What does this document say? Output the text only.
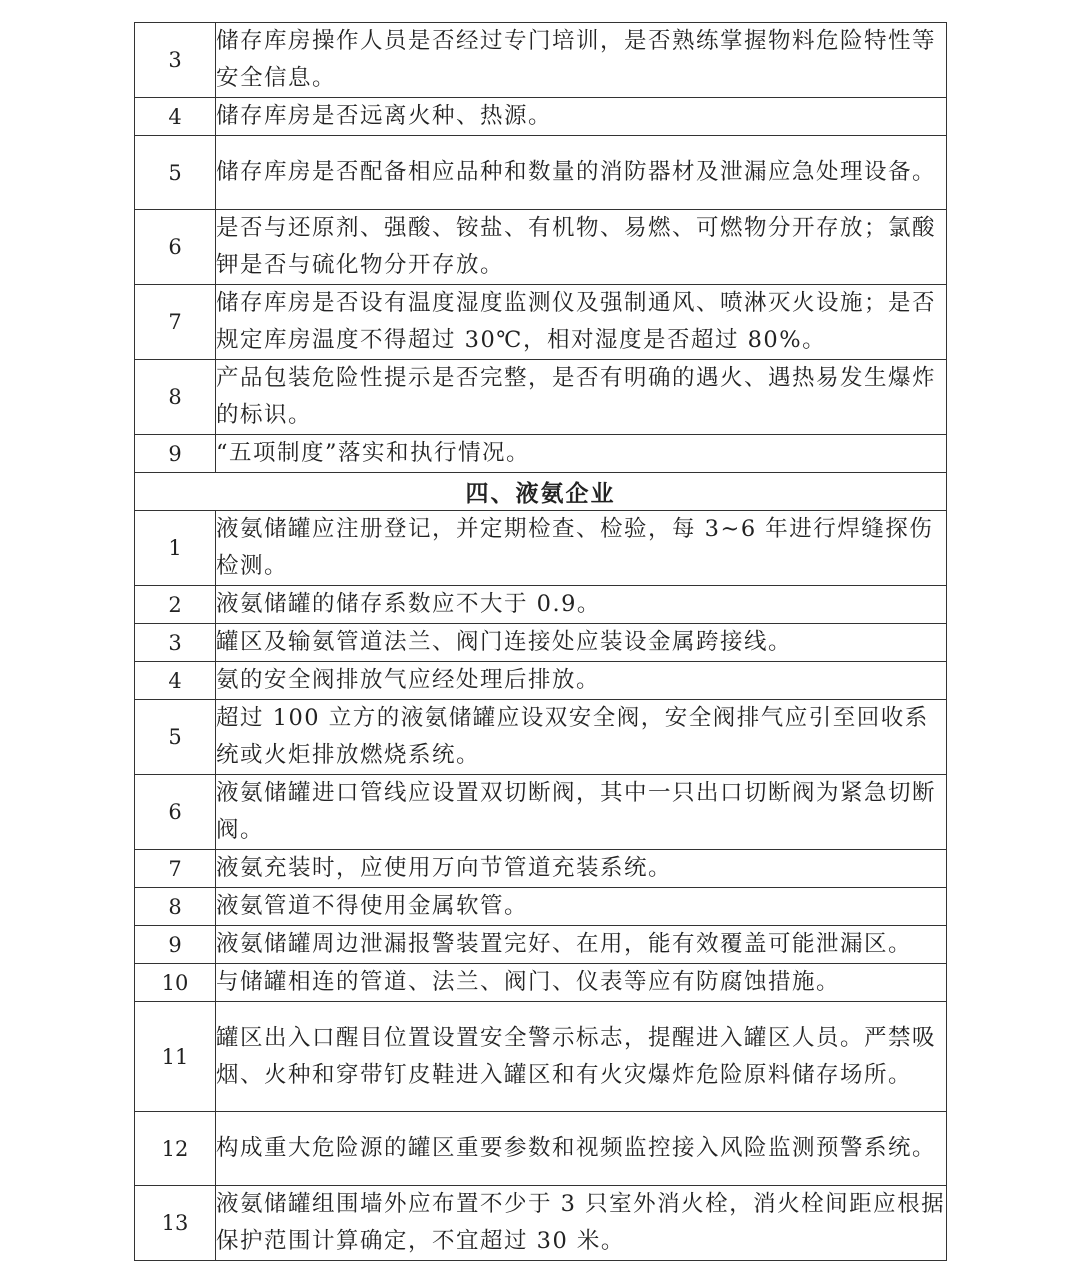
3	储存库房操作人员是否经过专门培训，是否熟练掌握物料危险特性等安全信息。
4	储存库房是否远离火种、热源。
5	储存库房是否配备相应品种和数量的消防器材及泄漏应急处理设备。
6	是否与还原剂、强酸、铵盐、有机物、易燃、可燃物分开存放；氯酸钾是否与硫化物分开存放。
7	储存库房是否设有温度湿度监测仪及强制通风、喷淋灭火设施；是否规定库房温度不得超过 30℃，相对湿度是否超过 80%。
8	产品包装危险性提示是否完整，是否有明确的遇火、遇热易发生爆炸的标识。
9	“五项制度”落实和执行情况。
四、液氨企业	
1	液氨储罐应注册登记，并定期检查、检验，每 3~6 年进行焊缝探伤检测。
2	液氨储罐的储存系数应不大于 0.9。
3	罐区及输氨管道法兰、阀门连接处应装设金属跨接线。
4	氨的安全阀排放气应经处理后排放。
5	超过 100 立方的液氨储罐应设双安全阀，安全阀排气应引至回收系统或火炬排放燃烧系统。
6	液氨储罐进口管线应设置双切断阀，其中一只出口切断阀为紧急切断阀。
7	液氨充装时，应使用万向节管道充装系统。
8	液氨管道不得使用金属软管。
9	液氨储罐周边泄漏报警装置完好、在用，能有效覆盖可能泄漏区。
10	与储罐相连的管道、法兰、阀门、仪表等应有防腐蚀措施。
11	罐区出入口醒目位置设置安全警示标志，提醒进入罐区人员。严禁吸烟、火种和穿带钉皮鞋进入罐区和有火灾爆炸危险原料储存场所。
12	构成重大危险源的罐区重要参数和视频监控接入风险监测预警系统。
13	液氨储罐组围墙外应布置不少于 3 只室外消火栓，消火栓间距应根据保护范围计算确定，不宜超过 30 米。
